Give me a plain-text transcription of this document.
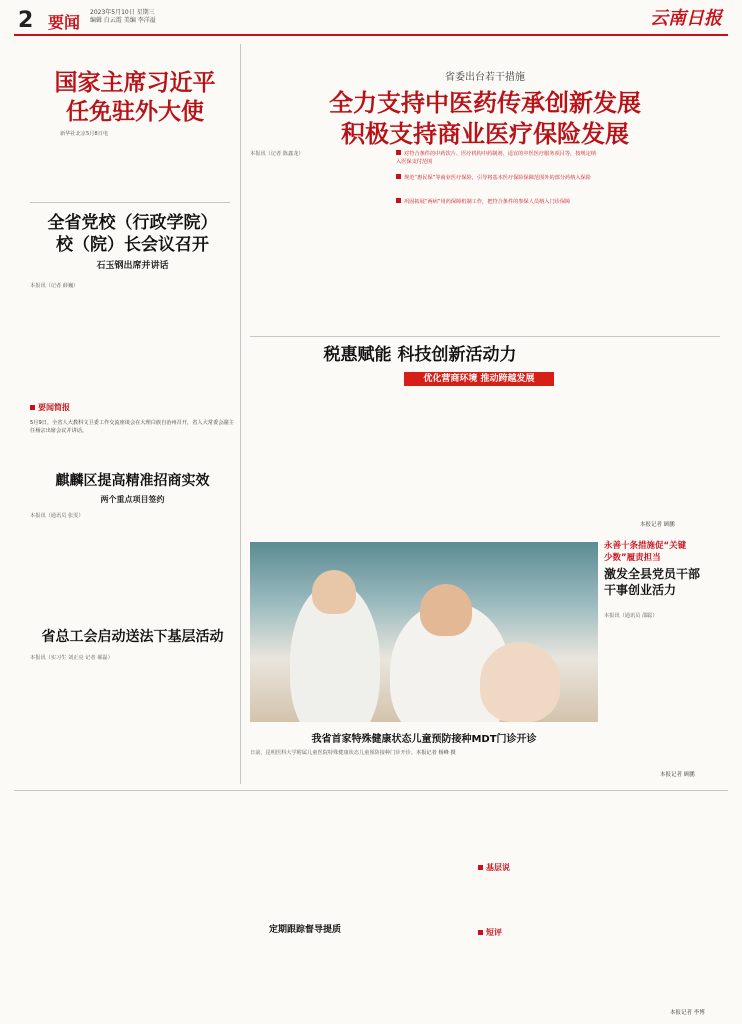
2 要闻
2023年5月10日 星期三
编辑 白云霞 美编 李洋溢	云南日报
国家主席习近平
任免驻外大使
新华社北京5月8日电
全省党校（行政学院）
校（院）长会议召开
石玉钢出席并讲话
本报讯（记者 薛巍）
要闻简报
5月9日，全省人大教科文卫委工作交流座谈会在大理白族自治州召开，省人大常委会副主任杨宗出席会议并讲话。
麒麟区提高精准招商实效
两个重点项目签约
本报讯（通讯员 张雯）
省总工会启动送法下基层活动
本报讯（实习生 刘正亮 记者 郝磊）
省委出台若干措施
全力支持中医药传承创新发展
积极支持商业医疗保险发展
本报讯（记者 陈鑫龙）	对符合条件的中药饮片、医疗机构中药制剂、适宜的中医医疗服务项目等，按规定纳入医保支付范围
规范“惠民保”等商业医疗保险，引导将基本医疗保险保障范围外的部分药纳入保险
巩固拓展“两病”用药保障机制工作，把符合条件的参保人员纳入门诊保障
税惠赋能 科技创新活动力
优化营商环境 推动跨越发展
本报记者 顾鹏
我省首家特殊健康状态儿童预防接种MDT门诊开诊
日前，昆明医科大学附属儿童医院特殊健康状态儿童预防接种门诊开诊。本报记者 杨峰 摄
永善十条措施促“关键
少数”履责担当
激发全县党员干部
干事创业活力
本报讯（通讯员 邵聪）
本报记者 顾鹏
定期跟踪督导提质
基层说
短评
本报记者 李博
